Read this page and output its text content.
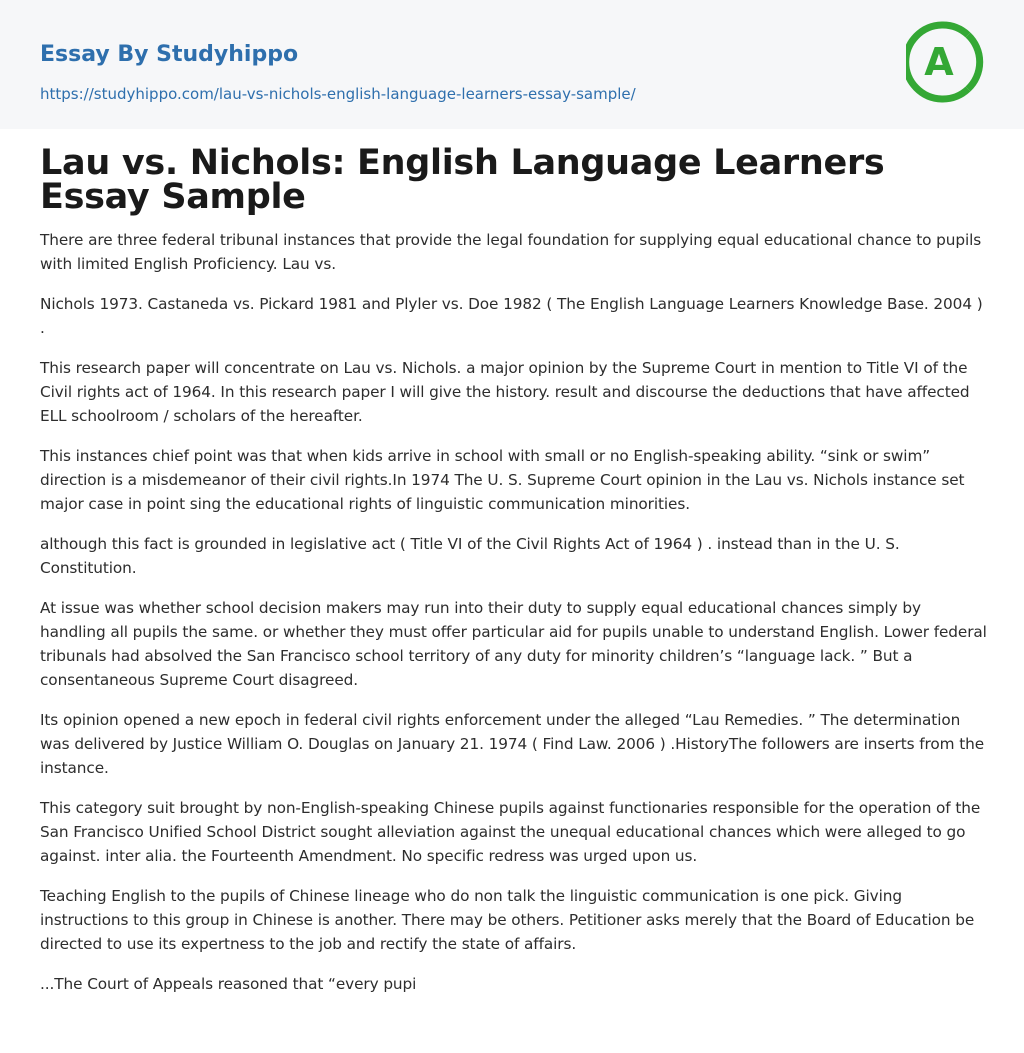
Essay By Studyhippo
https://studyhippo.com/lau-vs-nichols-english-language-learners-essay-sample/
A
Lau vs. Nichols: English Language Learners Essay Sample

There are three federal tribunal instances that provide the legal foundation for supplying equal educational chance to pupils with limited English Proficiency. Lau vs.

Nichols 1973. Castaneda vs. Pickard 1981 and Plyler vs. Doe 1982 ( The English Language Learners Knowledge Base. 2004 ) .

This research paper will concentrate on Lau vs. Nichols. a major opinion by the Supreme Court in mention to Title VI of the Civil rights act of 1964. In this research paper I will give the history. result and discourse the deductions that have affected ELL schoolroom / scholars of the hereafter.

This instances chief point was that when kids arrive in school with small or no English-speaking ability. “sink or swim” direction is a misdemeanor of their civil rights.In 1974 The U. S. Supreme Court opinion in the Lau vs. Nichols instance set major case in point sing the educational rights of linguistic communication minorities.

although this fact is grounded in legislative act ( Title VI of the Civil Rights Act of 1964 ) . instead than in the U. S. Constitution.

At issue was whether school decision makers may run into their duty to supply equal educational chances simply by handling all pupils the same. or whether they must offer particular aid for pupils unable to understand English. Lower federal tribunals had absolved the San Francisco school territory of any duty for minority children’s “language lack. ” But a consentaneous Supreme Court disagreed.

Its opinion opened a new epoch in federal civil rights enforcement under the alleged “Lau Remedies. ” The determination was delivered by Justice William O. Douglas on January 21. 1974 ( Find Law. 2006 ) .HistoryThe followers are inserts from the instance.

This category suit brought by non-English-speaking Chinese pupils against functionaries responsible for the operation of the San Francisco Unified School District sought alleviation against the unequal educational chances which were alleged to go against. inter alia. the Fourteenth Amendment. No specific redress was urged upon us.

Teaching English to the pupils of Chinese lineage who do non talk the linguistic communication is one pick. Giving instructions to this group in Chinese is another. There may be others. Petitioner asks merely that the Board of Education be directed to use its expertness to the job and rectify the state of affairs.

...The Court of Appeals reasoned that “every pupi
